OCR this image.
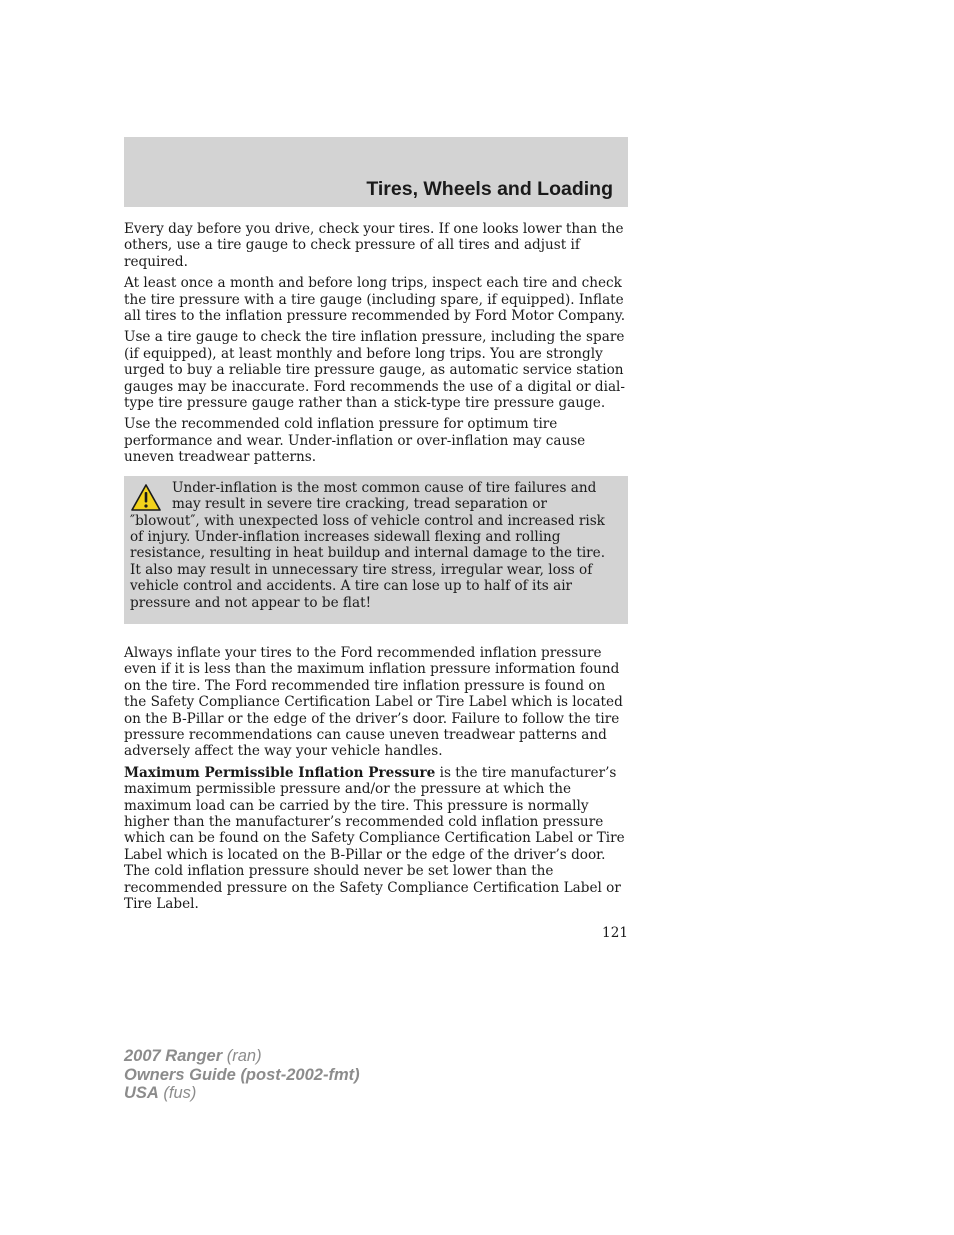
Tires, Wheels and Loading

Every day before you drive, check your tires. If one looks lower than the others, use a tire gauge to check pressure of all tires and adjust if required.

At least once a month and before long trips, inspect each tire and check the tire pressure with a tire gauge (including spare, if equipped). Inflate all tires to the inflation pressure recommended by Ford Motor Company.

Use a tire gauge to check the tire inflation pressure, including the spare (if equipped), at least monthly and before long trips. You are strongly urged to buy a reliable tire pressure gauge, as automatic service station gauges may be inaccurate. Ford recommends the use of a digital or dial-type tire pressure gauge rather than a stick-type tire pressure gauge.

Use the recommended cold inflation pressure for optimum tire performance and wear. Under-inflation or over-inflation may cause uneven treadwear patterns.

Under-inflation is the most common cause of tire failures and may result in severe tire cracking, tread separation or ″blowout″, with unexpected loss of vehicle control and increased risk of injury. Under-inflation increases sidewall flexing and rolling resistance, resulting in heat buildup and internal damage to the tire. It also may result in unnecessary tire stress, irregular wear, loss of vehicle control and accidents. A tire can lose up to half of its air pressure and not appear to be flat!

Always inflate your tires to the Ford recommended inflation pressure even if it is less than the maximum inflation pressure information found on the tire. The Ford recommended tire inflation pressure is found on the Safety Compliance Certification Label or Tire Label which is located on the B-Pillar or the edge of the driver’s door. Failure to follow the tire pressure recommendations can cause uneven treadwear patterns and adversely affect the way your vehicle handles.

Maximum Permissible Inflation Pressure is the tire manufacturer’s maximum permissible pressure and/or the pressure at which the maximum load can be carried by the tire. This pressure is normally higher than the manufacturer’s recommended cold inflation pressure which can be found on the Safety Compliance Certification Label or Tire Label which is located on the B-Pillar or the edge of the driver’s door. The cold inflation pressure should never be set lower than the recommended pressure on the Safety Compliance Certification Label or Tire Label.

121
2007 Ranger (ran)
Owners Guide (post-2002-fmt)
USA (fus)
